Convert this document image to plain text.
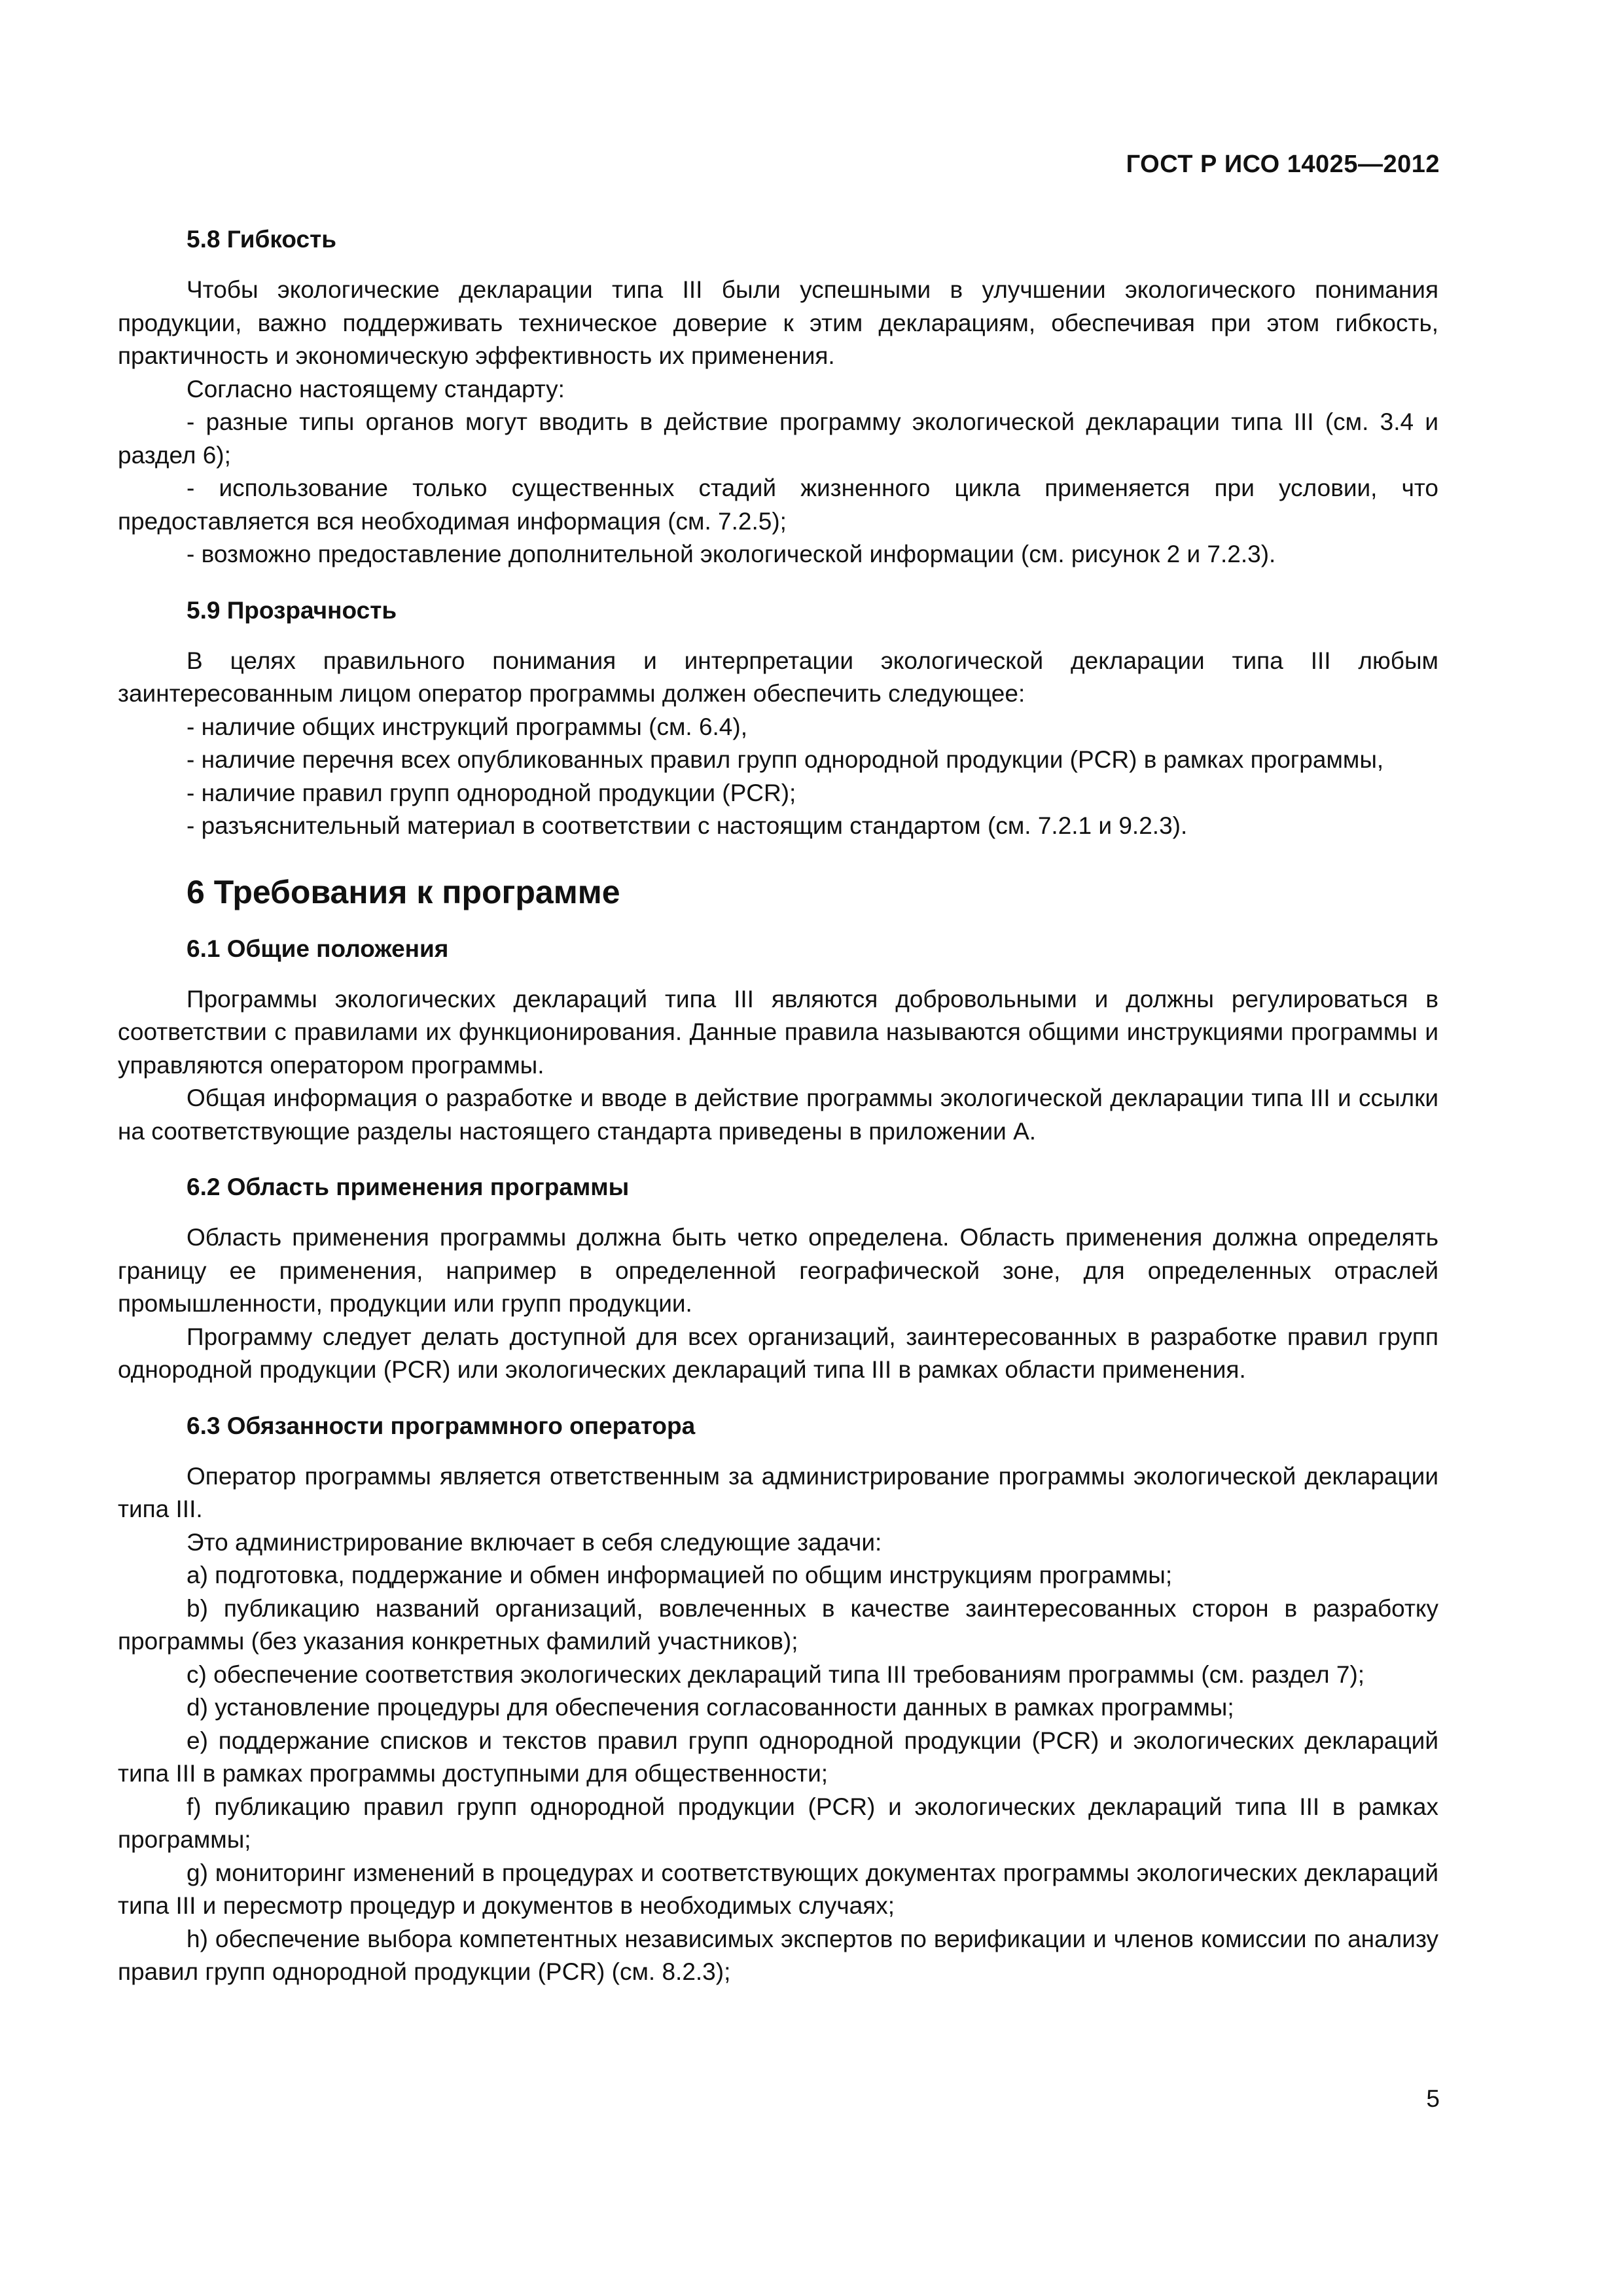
ГОСТ Р ИСО 14025—2012
5.8 Гибкость

Чтобы экологические декларации типа III были успешными в улучшении экологического понимания продукции, важно поддерживать техническое доверие к этим декларациям, обеспечивая при этом гибкость, практичность и экономическую эффективность их применения.

Согласно настоящему стандарту:

- разные типы органов могут вводить в действие программу экологической декларации типа III (см. 3.4 и раздел 6);

- использование только существенных стадий жизненного цикла применяется при условии, что предоставляется вся необходимая информация (см. 7.2.5);

- возможно предоставление дополнительной экологической информации (см. рисунок 2 и 7.2.3).

5.9 Прозрачность

В целях правильного понимания и интерпретации экологической декларации типа III любым заинтересованным лицом оператор программы должен обеспечить следующее:

- наличие общих инструкций программы (см. 6.4),

- наличие перечня всех опубликованных правил групп однородной продукции (PCR) в рамках программы,

- наличие правил групп однородной продукции (PCR);

- разъяснительный материал в соответствии с настоящим стандартом (см. 7.2.1 и 9.2.3).

6 Требования к программе
6.1 Общие положения

Программы экологических деклараций типа III являются добровольными и должны регулироваться в соответствии с правилами их функционирования. Данные правила называются общими инструкциями программы и управляются оператором программы.

Общая информация о разработке и вводе в действие программы экологической декларации типа III и ссылки на соответствующие разделы настоящего стандарта приведены в приложении А.

6.2 Область применения программы

Область применения программы должна быть четко определена. Область применения должна определять границу ее применения, например в определенной географической зоне, для определенных отраслей промышленности, продукции или групп продукции.

Программу следует делать доступной для всех организаций, заинтересованных в разработке правил групп однородной продукции (PCR) или экологических деклараций типа III в рамках области применения.

6.3 Обязанности программного оператора

Оператор программы является ответственным за администрирование программы экологической декларации типа III.

Это администрирование включает в себя следующие задачи:

a) подготовка, поддержание и обмен информацией по общим инструкциям программы;

b) публикацию названий организаций, вовлеченных в качестве заинтересованных сторон в разработку программы (без указания конкретных фамилий участников);

c) обеспечение соответствия экологических деклараций типа III требованиям программы (см. раздел 7);

d) установление процедуры для обеспечения согласованности данных в рамках программы;

e) поддержание списков и текстов правил групп однородной продукции (PCR) и экологических деклараций типа III в рамках программы доступными для общественности;

f) публикацию правил групп однородной продукции (PCR) и экологических деклараций типа III в рамках программы;

g) мониторинг изменений в процедурах и соответствующих документах программы экологических деклараций типа III и пересмотр процедур и документов в необходимых случаях;

h) обеспечение выбора компетентных независимых экспертов по верификации и членов комиссии по анализу правил групп однородной продукции (PCR) (см. 8.2.3);

5
